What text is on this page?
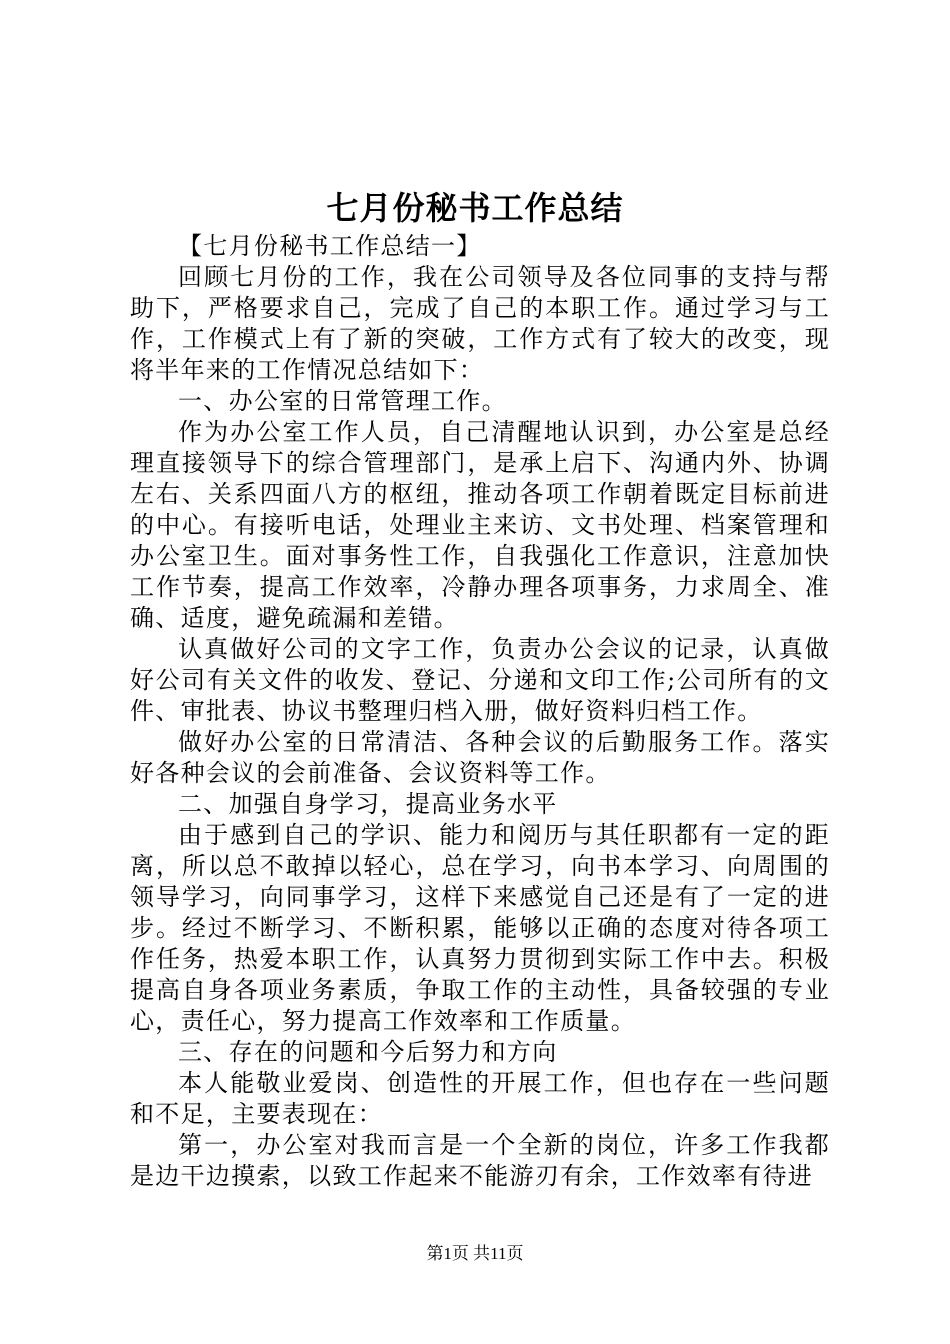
七月份秘书工作总结

【七月份秘书工作总结一】

回顾七月份的工作，我在公司领导及各位同事的支持与帮助下，严格要求自己，完成了自己的本职工作。通过学习与工作，工作模式上有了新的突破，工作方式有了较大的改变，现将半年来的工作情况总结如下：

一、办公室的日常管理工作。

作为办公室工作人员，自己清醒地认识到，办公室是总经理直接领导下的综合管理部门，是承上启下、沟通内外、协调左右、关系四面八方的枢纽，推动各项工作朝着既定目标前进的中心。有接听电话，处理业主来访、文书处理、档案管理和办公室卫生。面对事务性工作，自我强化工作意识，注意加快工作节奏，提高工作效率，冷静办理各项事务，力求周全、准确、适度，避免疏漏和差错。

认真做好公司的文字工作，负责办公会议的记录，认真做好公司有关文件的收发、登记、分递和文印工作;公司所有的文件、审批表、协议书整理归档入册，做好资料归档工作。

做好办公室的日常清洁、各种会议的后勤服务工作。落实好各种会议的会前准备、会议资料等工作。

二、加强自身学习，提高业务水平

由于感到自己的学识、能力和阅历与其任职都有一定的距离，所以总不敢掉以轻心，总在学习，向书本学习、向周围的领导学习，向同事学习，这样下来感觉自己还是有了一定的进步。经过不断学习、不断积累，能够以正确的态度对待各项工作任务，热爱本职工作，认真努力贯彻到实际工作中去。积极提高自身各项业务素质，争取工作的主动性，具备较强的专业心，责任心，努力提高工作效率和工作质量。

三、存在的问题和今后努力和方向

本人能敬业爱岗、创造性的开展工作，但也存在一些问题和不足，主要表现在：

第一，办公室对我而言是一个全新的岗位，许多工作我都是边干边摸索，以致工作起来不能游刃有余，工作效率有待进

第1页 共11页
